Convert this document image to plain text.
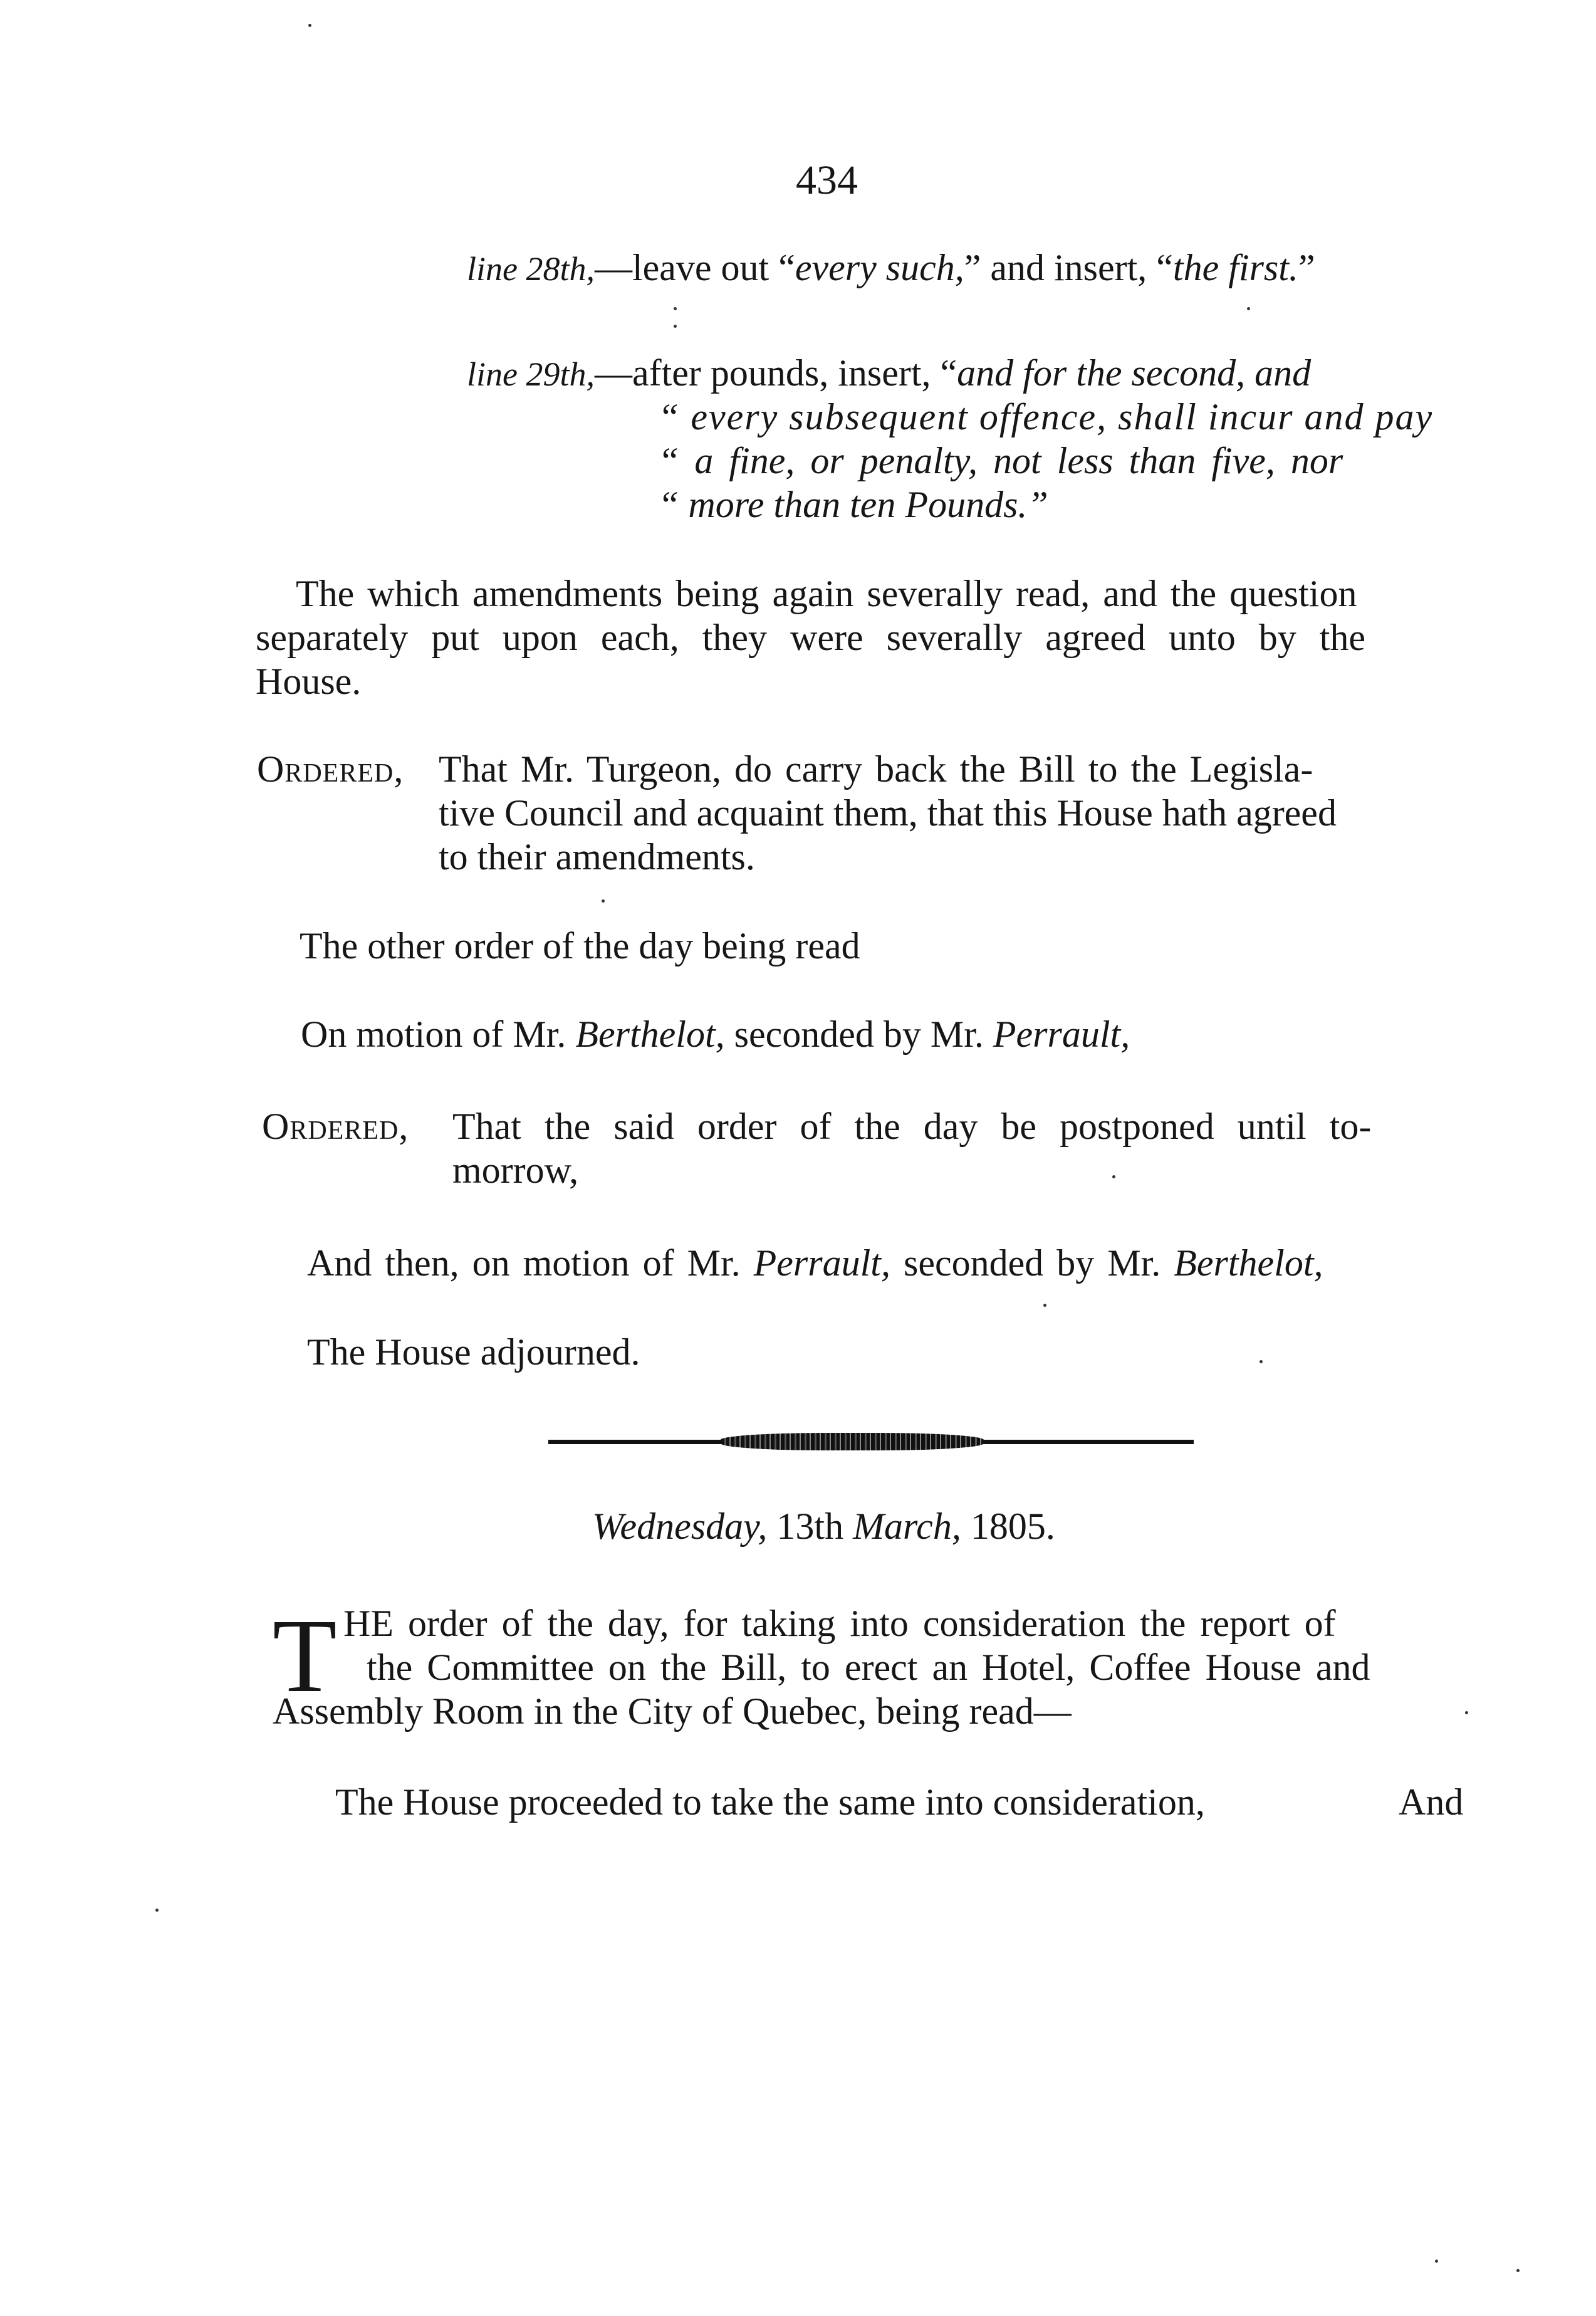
434
line 28th,—leave out “every such,” and insert, “the first.”
line 29th,—after pounds, insert, “and for the second, and
“ every subsequent offence, shall incur and pay
“ a fine, or penalty, not less than five, nor
“ more than ten Pounds.”
The which amendments being again severally read, and the question
separately put upon each, they were severally agreed unto by the
House.
Ordered, That Mr. Turgeon, do carry back the Bill to the Legisla-
tive Council and acquaint them, that this House hath agreed
to their amendments.
The other order of the day being read
On motion of Mr. Berthelot, seconded by Mr. Perrault,
Ordered, That the said order of the day be postponed until to-
morrow,
And then, on motion of Mr. Perrault, seconded by Mr. Berthelot,
The House adjourned.
Wednesday, 13th March, 1805.
T HE order of the day, for taking into consideration the report of
the Committee on the Bill, to erect an Hotel, Coffee House and
Assembly Room in the City of Quebec, being read—
The House proceeded to take the same into consideration,	And
